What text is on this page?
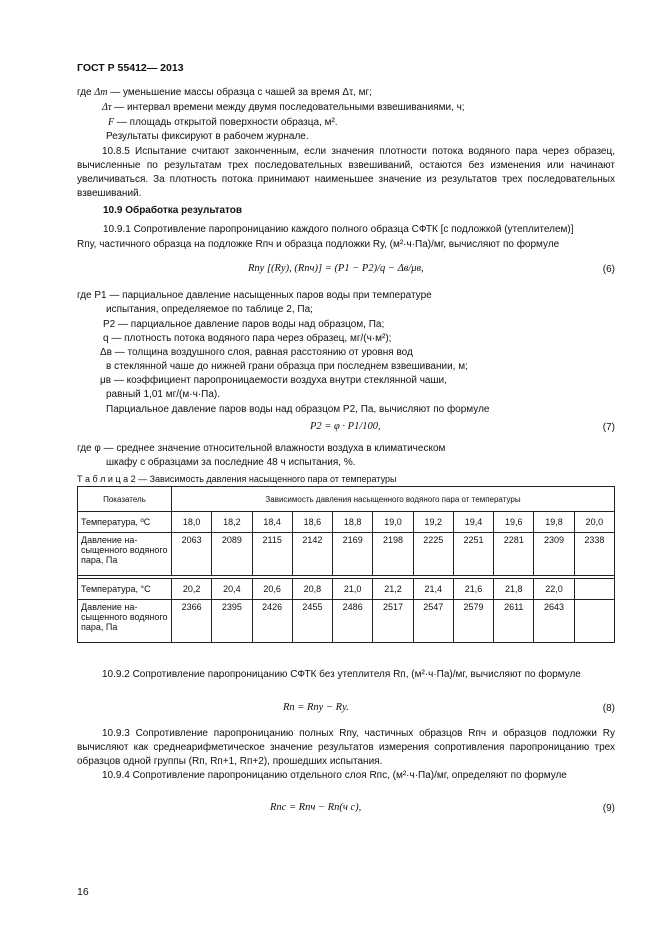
ГОСТ Р 55412— 2013
где Δm — уменьшение массы образца с чашей за время Δτ, мг;
Δτ — интервал времени между двумя последовательными взвешиваниями, ч;
F — площадь открытой поверхности образца, м².
Результаты фиксируют в рабочем журнале.
10.8.5 Испытание считают законченным, если значения плотности потока водяного пара через образец, вычисленные по результатам трех последовательных взвешиваний, остаются без изменения или начинают увеличиваться. За плотность потока принимают наименьшее значение из результатов трех последовательных взвешиваний.
10.9 Обработка результатов
10.9.1 Сопротивление паропроницанию каждого полного образца СФТК [с подложкой (утеплителем)]
Rпу, частичного образца на подложке Rпч и образца подложки Rу, (м²·ч·Па)/мг, вычисляют по формуле
Rпу [(Rу), (Rпч)] = (P1 − P2)/q − Δв/μв,	(6)
где P1 — парциальное давление насыщенных паров воды при температуре
испытания, определяемое по таблице 2, Па;
P2 — парциальное давление паров воды над образцом, Па;
q — плотность потока водяного пара через образец, мг/(ч·м²);
Δв — толщина воздушного слоя, равная расстоянию от уровня вод
в стеклянной чаше до нижней грани образца при последнем взвешивании, м;
μв — коэффициент паропроницаемости воздуха внутри стеклянной чаши,
равный 1,01 мг/(м·ч·Па).
Парциальное давление паров воды над образцом P2, Па, вычисляют по формуле
P2 = φ · P1/100,	(7)
где φ — среднее значение относительной влажности воздуха в климатическом
шкафу с образцами за последние 48 ч испытания, %.
Т а б л и ц а 2 — Зависимость давления насыщенного пара от температуры
Показатель	Зависимость давления насыщенного водяного пара от температуры										
Температура, ºС	18,0	18,2	18,4	18,6	18,8	19,0	19,2	19,4	19,6	19,8	20,0
Давление на-сыщенного водяного пара, Па	2063	2089	2115	2142	2169	2198	2225	2251	2281	2309	2338

Температура, °С	20,2	20,4	20,6	20,8	21,0	21,2	21,4	21,6	21,8	22,0	
Давление на-сыщенного водяного пара, Па	2366	2395	2426	2455	2486	2517	2547	2579	2611	2643	
10.9.2 Сопротивление паропроницанию СФТК без утеплителя Rп, (м²·ч·Па)/мг, вычисляют по формуле
Rп = Rпу − Rу.	(8)
10.9.3 Сопротивление паропроницанию полных Rпу, частичных образцов Rпч и образцов подложки Rу вычисляют как среднеарифметическое значение результатов измерения сопротивления паропроницанию трех образцов одной группы (Rп, Rп+1, Rп+2), прошедших испытания.
10.9.4 Сопротивление паропроницанию отдельного слоя Rпс, (м²·ч·Па)/мг, определяют по формуле
Rпс = Rпч − Rп(ч с),	(9)
16
